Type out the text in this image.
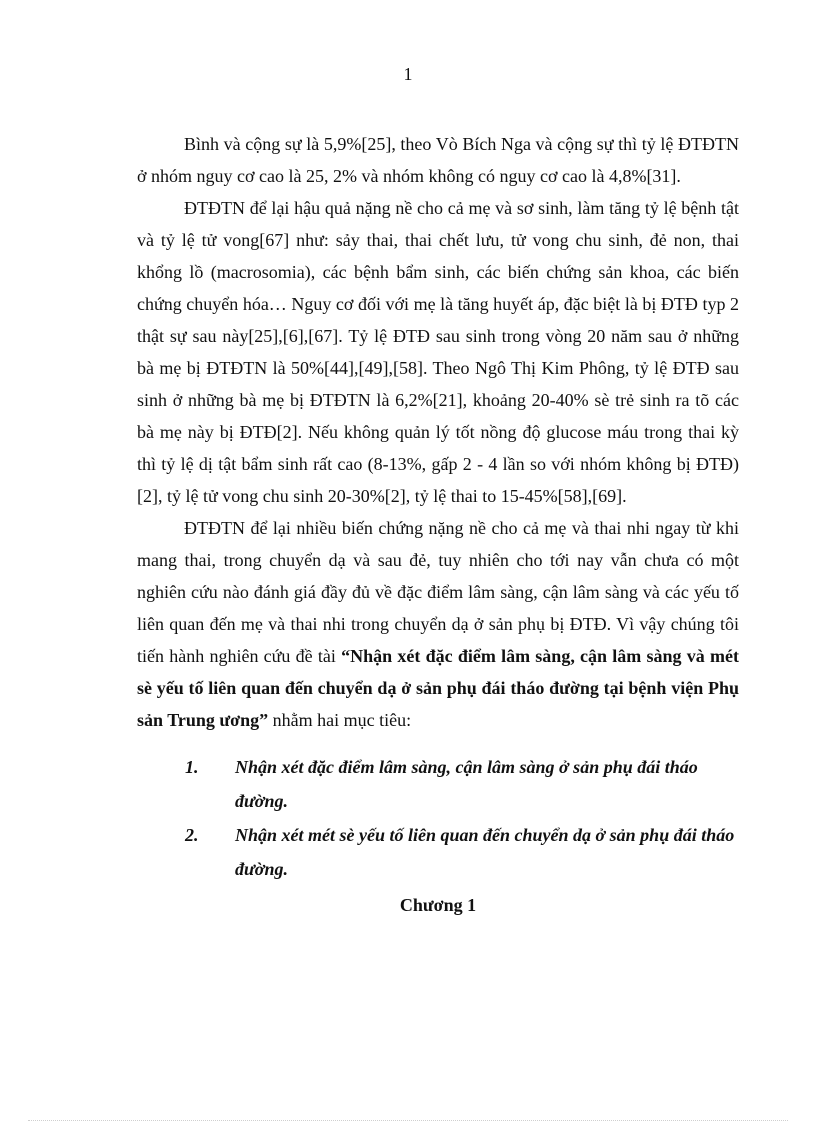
1

Bình và cộng sự là 5,9%[25], theo Vò Bích Nga và cộng sự thì tỷ lệ ĐTĐTN ở nhóm nguy cơ cao là 25, 2% và nhóm không có nguy cơ cao là 4,8%[31].

ĐTĐTN để lại hậu quả nặng nề cho cả mẹ và sơ sinh, làm tăng tỷ lệ bệnh tật và tỷ lệ tử vong[67] như: sảy thai, thai chết lưu, tử vong chu sinh, đẻ non, thai khổng lồ (macrosomia), các bệnh bẩm sinh, các biến chứng sản khoa, các biến chứng chuyển hóa… Nguy cơ đối với mẹ là tăng huyết áp, đặc biệt là bị ĐTĐ typ 2 thật sự sau này[25],[6],[67]. Tỷ lệ ĐTĐ sau sinh trong vòng 20 năm sau ở những bà mẹ bị ĐTĐTN là 50%[44],[49],[58]. Theo Ngô Thị Kim Phông, tỷ lệ ĐTĐ sau sinh ở những bà mẹ bị ĐTĐTN là 6,2%[21], khoảng 20-40% sè trẻ sinh ra tõ các bà mẹ này bị ĐTĐ[2]. Nếu không quản lý tốt nồng độ glucose máu trong thai kỳ thì tỷ lệ dị tật bẩm sinh rất cao (8-13%, gấp 2 - 4 lần so với nhóm không bị ĐTĐ)[2], tỷ lệ tử vong chu sinh 20-30%[2], tỷ lệ thai to 15-45%[58],[69].

ĐTĐTN để lại nhiều biến chứng nặng nề cho cả mẹ và thai nhi ngay từ khi mang thai, trong chuyển dạ và sau đẻ, tuy nhiên cho tới nay vẫn chưa có một nghiên cứu nào đánh giá đầy đủ về đặc điểm lâm sàng, cận lâm sàng và các yếu tố liên quan đến mẹ và thai nhi trong chuyển dạ ở sản phụ bị ĐTĐ. Vì vậy chúng tôi tiến hành nghiên cứu đề tài “Nhận xét đặc điểm lâm sàng, cận lâm sàng và mét sè yếu tố liên quan đến chuyển dạ ở sản phụ đái tháo đường tại bệnh viện Phụ sản Trung ương” nhằm hai mục tiêu:

1.	Nhận xét đặc điểm lâm sàng, cận lâm sàng ở sản phụ đái tháo đường.
2.	Nhận xét mét sè yếu tố liên quan đến chuyển dạ ở sản phụ đái tháo đường.
Chương 1
